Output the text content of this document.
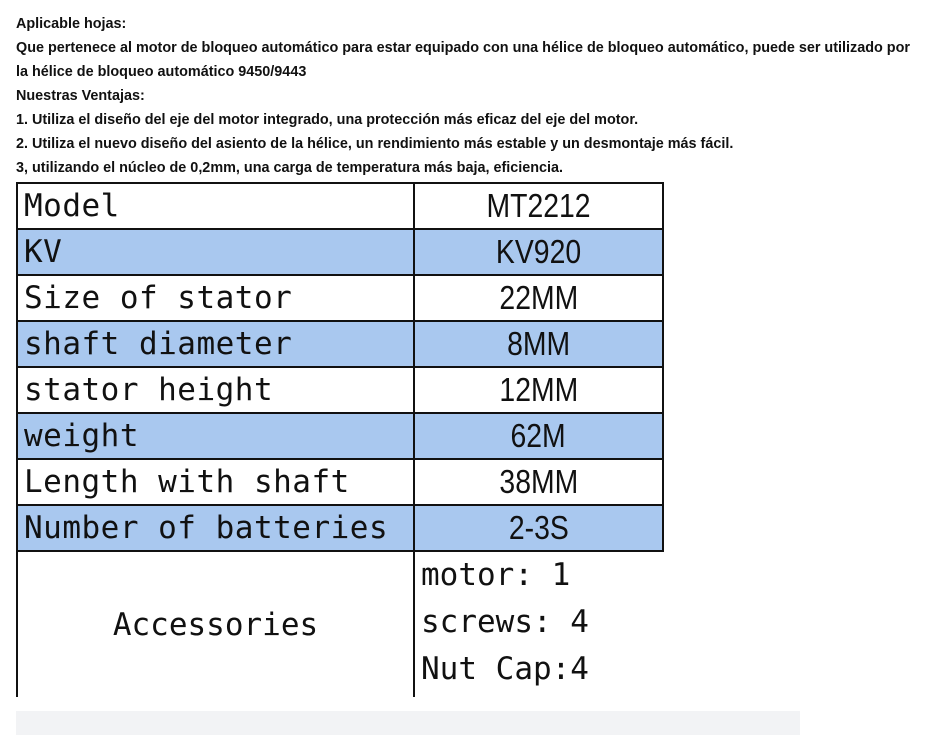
Aplicable hojas:
Que pertenece al motor de bloqueo automático para estar equipado con una hélice de bloqueo automático, puede ser utilizado por la hélice de bloqueo automático 9450/9443
Nuestras Ventajas:
1. Utiliza el diseño del eje del motor integrado, una protección más eficaz del eje del motor.
2. Utiliza el nuevo diseño del asiento de la hélice, un rendimiento más estable y un desmontaje más fácil.
3, utilizando el núcleo de 0,2mm, una carga de temperatura más baja, eficiencia.
Model	MT2212
KV	KV920
Size of stator	22MM
shaft diameter	8MM
stator height	12MM
weight	62M
Length with shaft	38MM
Number of batteries	2-3S
Accessories	motor: 1
screws: 4
Nut Cap:4
